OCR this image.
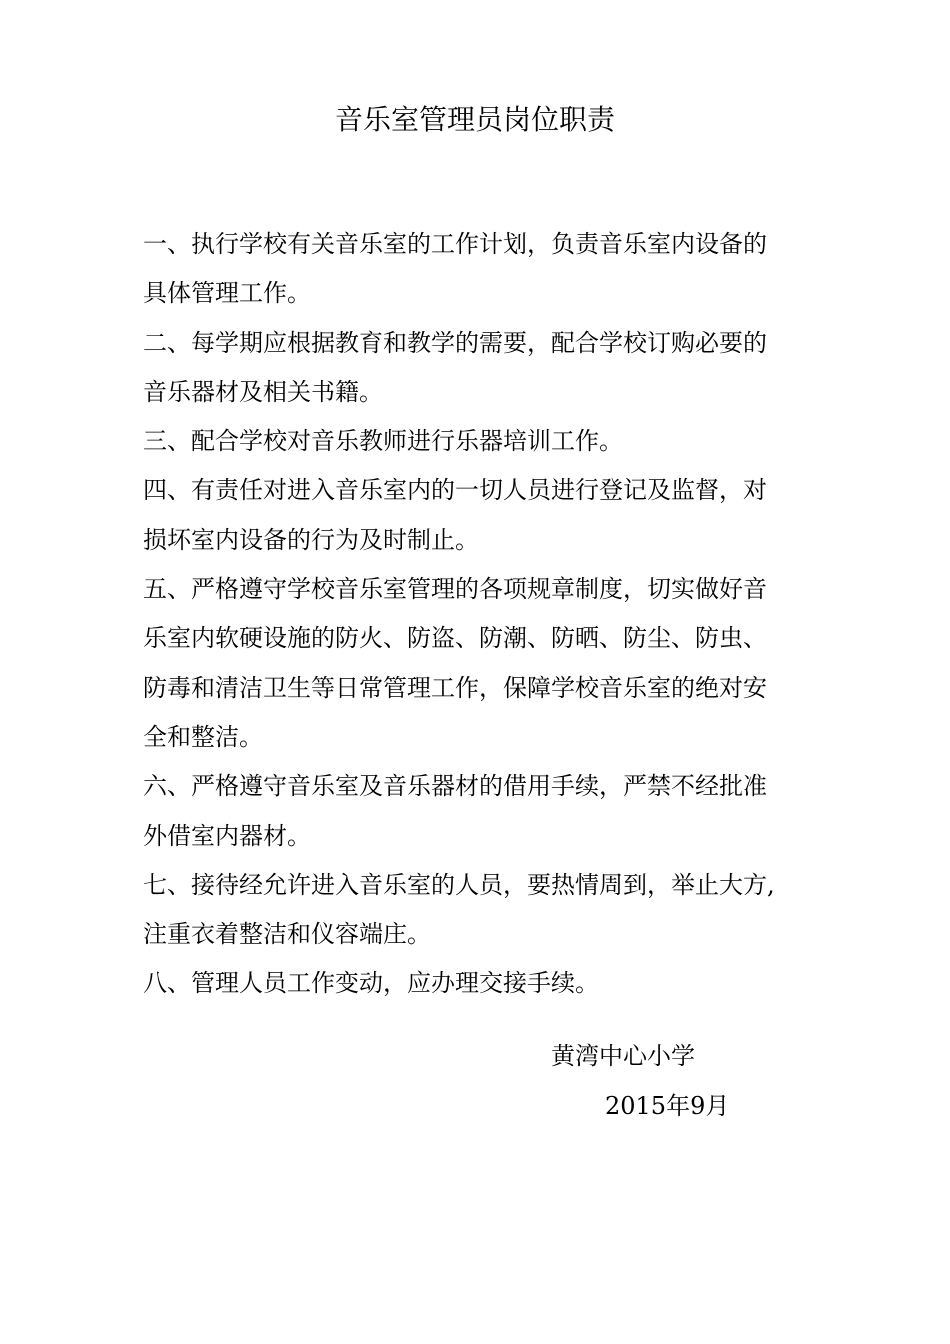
音乐室管理员岗位职责

一、执行学校有关音乐室的工作计划，负责音乐室内设备的具体管理工作。

二、每学期应根据教育和教学的需要，配合学校订购必要的音乐器材及相关书籍。

三、配合学校对音乐教师进行乐器培训工作。

四、有责任对进入音乐室内的一切人员进行登记及监督，对损坏室内设备的行为及时制止。

五、严格遵守学校音乐室管理的各项规章制度，切实做好音乐室内软硬设施的防火、防盗、防潮、防晒、防尘、防虫、防毒和清洁卫生等日常管理工作，保障学校音乐室的绝对安全和整洁。

六、严格遵守音乐室及音乐器材的借用手续，严禁不经批准外借室内器材。

七、接待经允许进入音乐室的人员，要热情周到，举止大方,注重衣着整洁和仪容端庄。

八、管理人员工作变动，应办理交接手续。

黄湾中心小学
2015年9月
